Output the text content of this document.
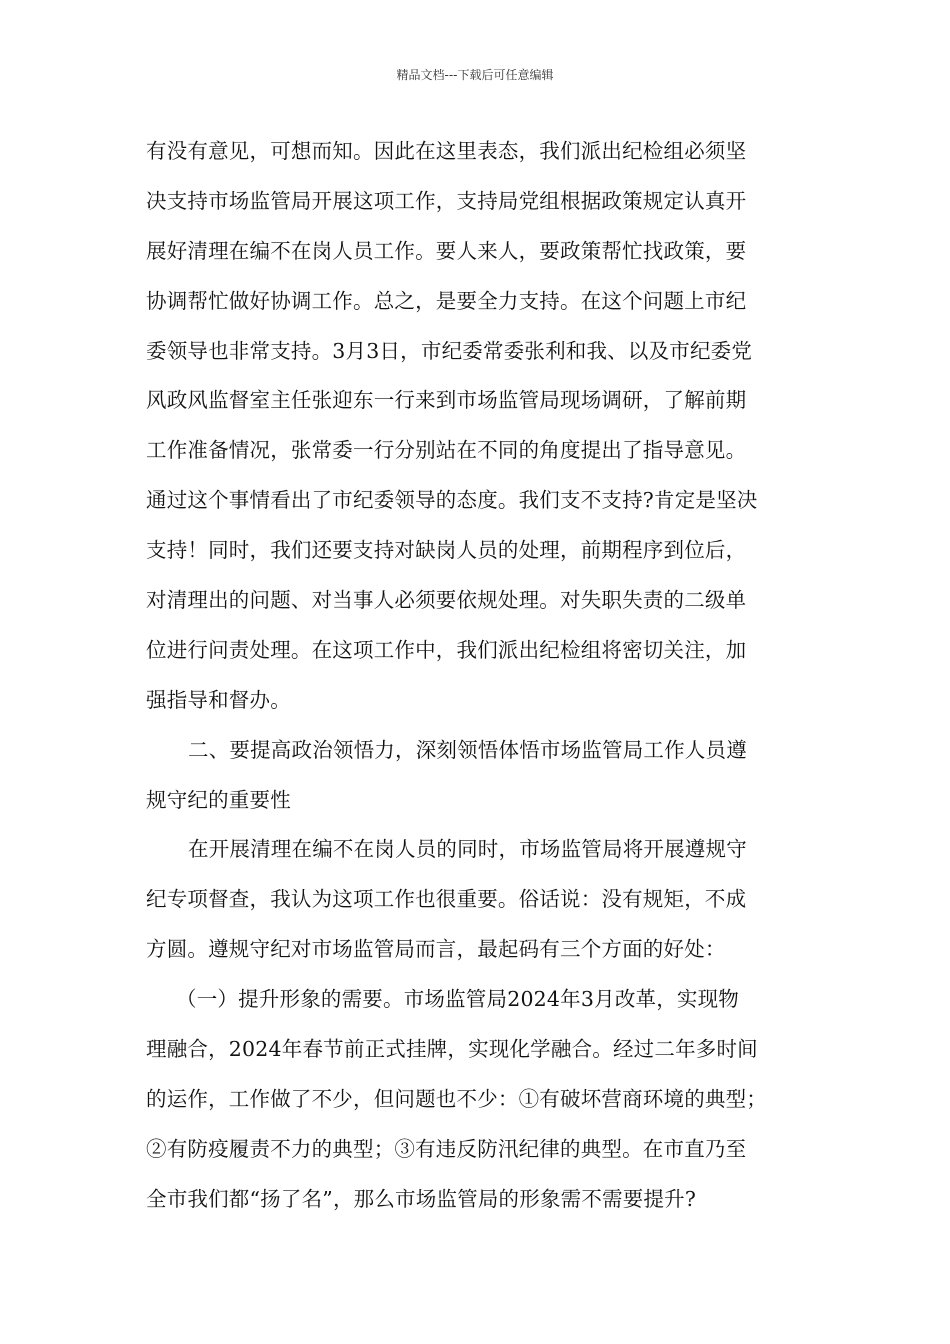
精品文档---下载后可任意编辑
有没有意见，可想而知。因此在这里表态，我们派出纪检组必须坚
决支持市场监管局开展这项工作，支持局党组根据政策规定认真开
展好清理在编不在岗人员工作。要人来人，要政策帮忙找政策，要
协调帮忙做好协调工作。总之，是要全力支持。在这个问题上市纪
委领导也非常支持。3月3日，市纪委常委张利和我、以及市纪委党
风政风监督室主任张迎东一行来到市场监管局现场调研，了解前期
工作准备情况，张常委一行分别站在不同的角度提出了指导意见。
通过这个事情看出了市纪委领导的态度。我们支不支持?肯定是坚决
支持！同时，我们还要支持对缺岗人员的处理，前期程序到位后，
对清理出的问题、对当事人必须要依规处理。对失职失责的二级单
位进行问责处理。在这项工作中，我们派出纪检组将密切关注，加
强指导和督办。
二、要提高政治领悟力，深刻领悟体悟市场监管局工作人员遵
规守纪的重要性
在开展清理在编不在岗人员的同时，市场监管局将开展遵规守
纪专项督查，我认为这项工作也很重要。俗话说：没有规矩，不成
方圆。遵规守纪对市场监管局而言，最起码有三个方面的好处：
（一）提升形象的需要。市场监管局2024年3月改革，实现物
理融合，2024年春节前正式挂牌，实现化学融合。经过二年多时间
的运作，工作做了不少，但问题也不少：①有破坏营商环境的典型；
②有防疫履责不力的典型；③有违反防汛纪律的典型。在市直乃至
全市我们都“扬了名”，那么市场监管局的形象需不需要提升?
